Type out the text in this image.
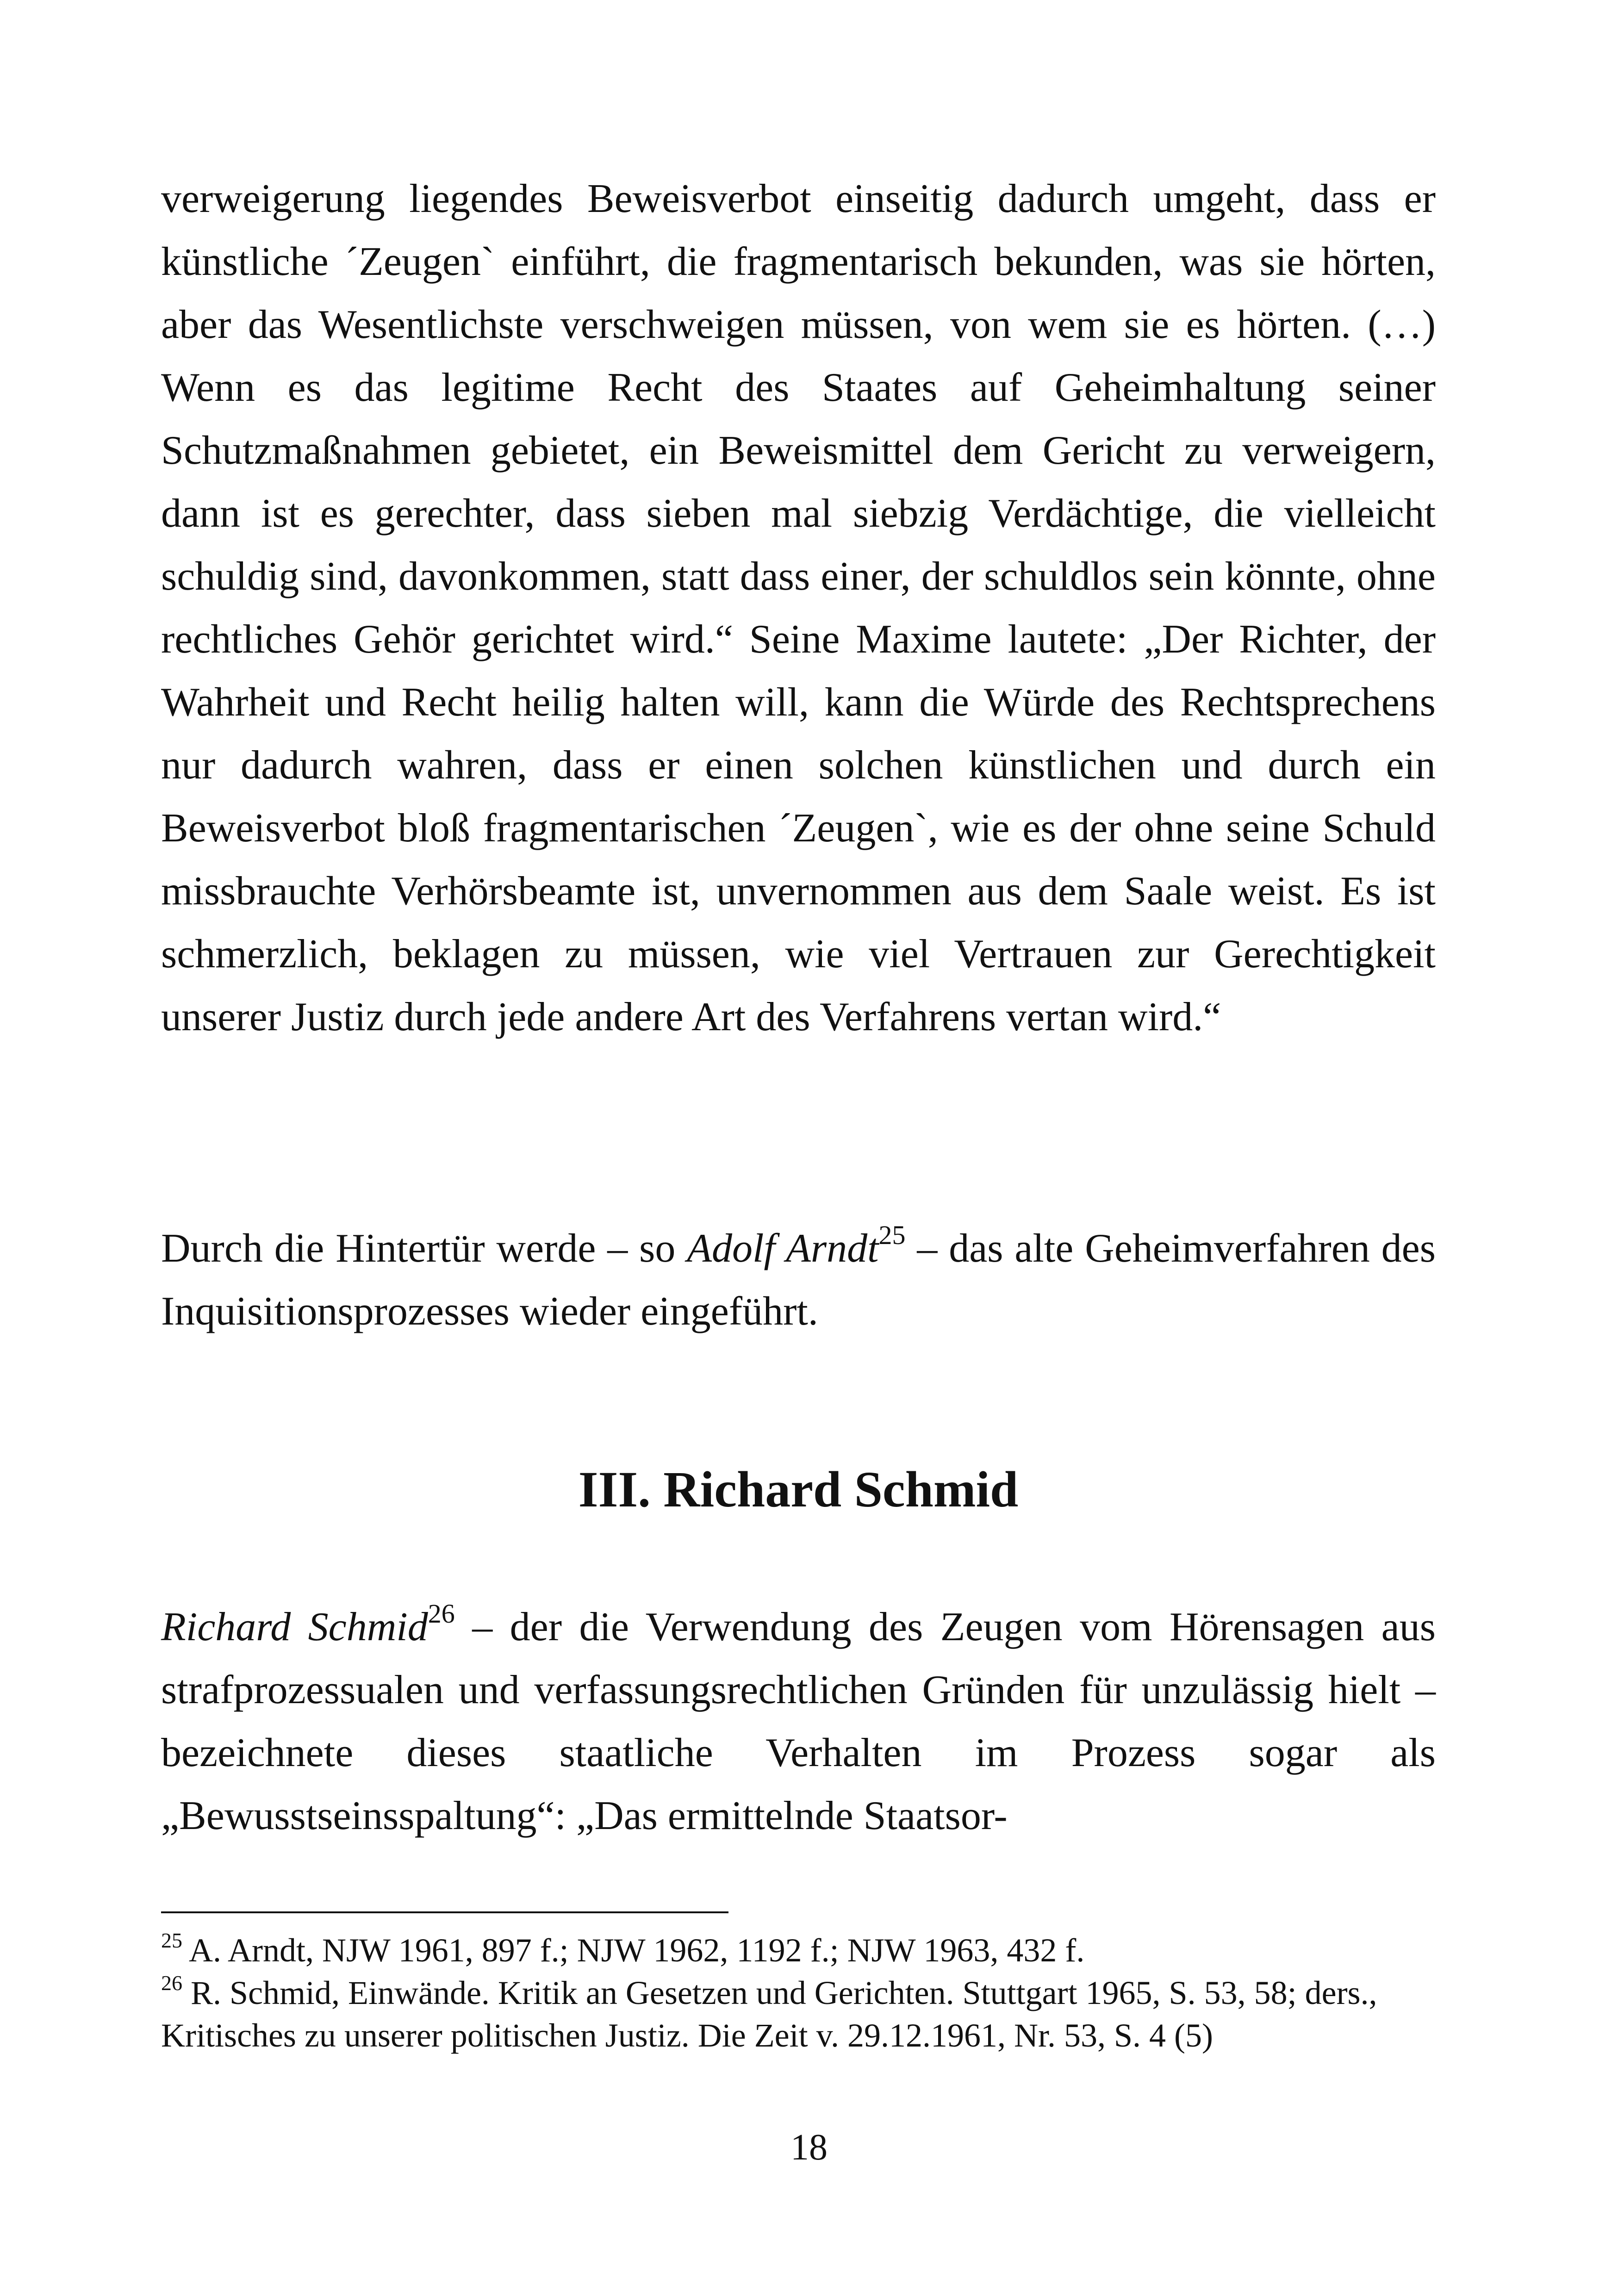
verweigerung liegendes Beweisverbot einseitig dadurch umgeht, dass er künstliche ´Zeugen` einführt, die fragmentarisch bekunden, was sie hörten, aber das Wesentlichste verschweigen müssen, von wem sie es hörten. (…) Wenn es das legitime Recht des Staates auf Geheimhaltung seiner Schutzmaßnahmen gebietet, ein Beweismittel dem Gericht zu verweigern, dann ist es gerechter, dass sieben mal siebzig Verdächtige, die vielleicht schuldig sind, davonkommen, statt dass einer, der schuldlos sein könnte, ohne rechtliches Gehör gerichtet wird.“ Seine Maxime lautete: „Der Richter, der Wahrheit und Recht heilig halten will, kann die Würde des Rechtsprechens nur dadurch wahren, dass er einen solchen künstlichen und durch ein Beweisverbot bloß fragmentarischen ´Zeugen`, wie es der ohne seine Schuld missbrauchte Verhörsbeamte ist, unvernommen aus dem Saale weist. Es ist schmerzlich, beklagen zu müssen, wie viel Vertrauen zur Gerechtigkeit unserer Justiz durch jede andere Art des Verfahrens vertan wird.“

Durch die Hintertür werde – so Adolf Arndt$^{25}$ – das alte Geheimverfahren des Inquisitionsprozesses wieder eingeführt.

III. Richard Schmid

Richard Schmid$^{26}$ – der die Verwendung des Zeugen vom Hörensagen aus strafprozessualen und verfassungsrechtlichen Gründen für unzulässig hielt – bezeichnete dieses staatliche Verhalten im Prozess sogar als „Bewusstseinsspaltung“: „Das ermittelnde Staatsor-

$^{25}$ A. Arndt, NJW 1961, 897 f.; NJW 1962, 1192 f.; NJW 1963, 432 f.

$^{26}$ R. Schmid, Einwände. Kritik an Gesetzen und Gerichten. Stuttgart 1965, S. 53, 58; ders., Kritisches zu unserer politischen Justiz. Die Zeit v. 29.12.1961, Nr. 53, S. 4 (5)

18
